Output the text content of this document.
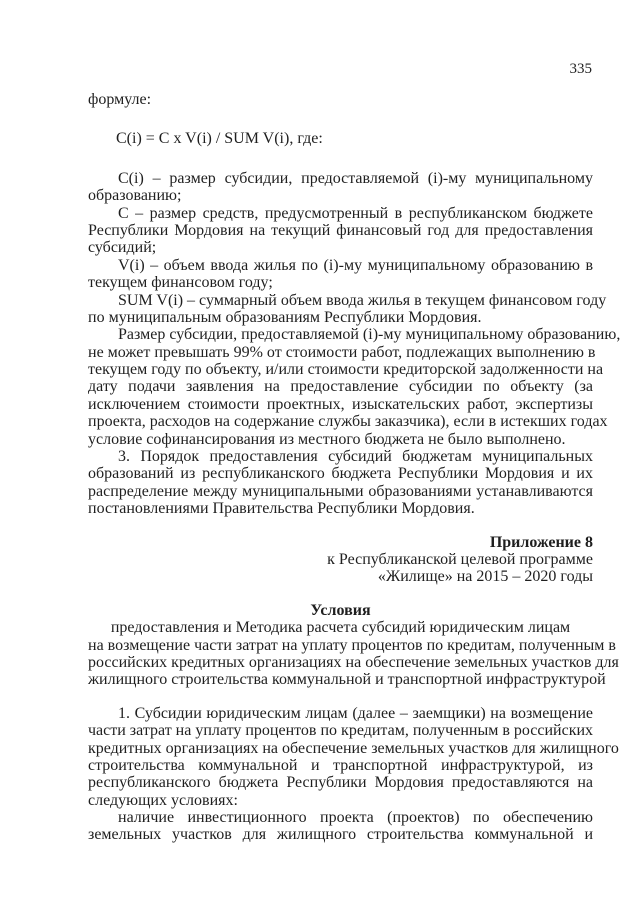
335
формуле:
C(i) = C x V(i) / SUM V(i), где:
C(i) – размер субсидии, предоставляемой (i)-му муниципальному
образованию;
C – размер средств, предусмотренный в республиканском бюджете
Республики Мордовия на текущий финансовый год для предоставления
субсидий;
V(i) – объем ввода жилья по (i)-му муниципальному образованию в
текущем финансовом году;
SUM V(i) – суммарный объем ввода жилья в текущем финансовом году
по муниципальным образованиям Республики Мордовия.
Размер субсидии, предоставляемой (i)-му муниципальному образованию,
не может превышать 99% от стоимости работ, подлежащих выполнению в
текущем году по объекту, и/или стоимости кредиторской задолженности на
дату подачи заявления на предоставление субсидии по объекту (за
исключением стоимости проектных, изыскательских работ, экспертизы
проекта, расходов на содержание службы заказчика), если в истекших годах
условие софинансирования из местного бюджета не было выполнено.
3. Порядок предоставления субсидий бюджетам муниципальных
образований из республиканского бюджета Республики Мордовия и их
распределение между муниципальными образованиями устанавливаются
постановлениями Правительства Республики Мордовия.
Приложение 8
к Республиканской целевой программе
«Жилище» на 2015 – 2020 годы
Условия
предоставления и Методика расчета субсидий юридическим лицам
на возмещение части затрат на уплату процентов по кредитам, полученным в
российских кредитных организациях на обеспечение земельных участков для
жилищного строительства коммунальной и транспортной инфраструктурой
1. Субсидии юридическим лицам (далее – заемщики) на возмещение
части затрат на уплату процентов по кредитам, полученным в российских
кредитных организациях на обеспечение земельных участков для жилищного
строительства коммунальной и транспортной инфраструктурой, из
республиканского бюджета Республики Мордовия предоставляются на
следующих условиях:
наличие инвестиционного проекта (проектов) по обеспечению
земельных участков для жилищного строительства коммунальной и
